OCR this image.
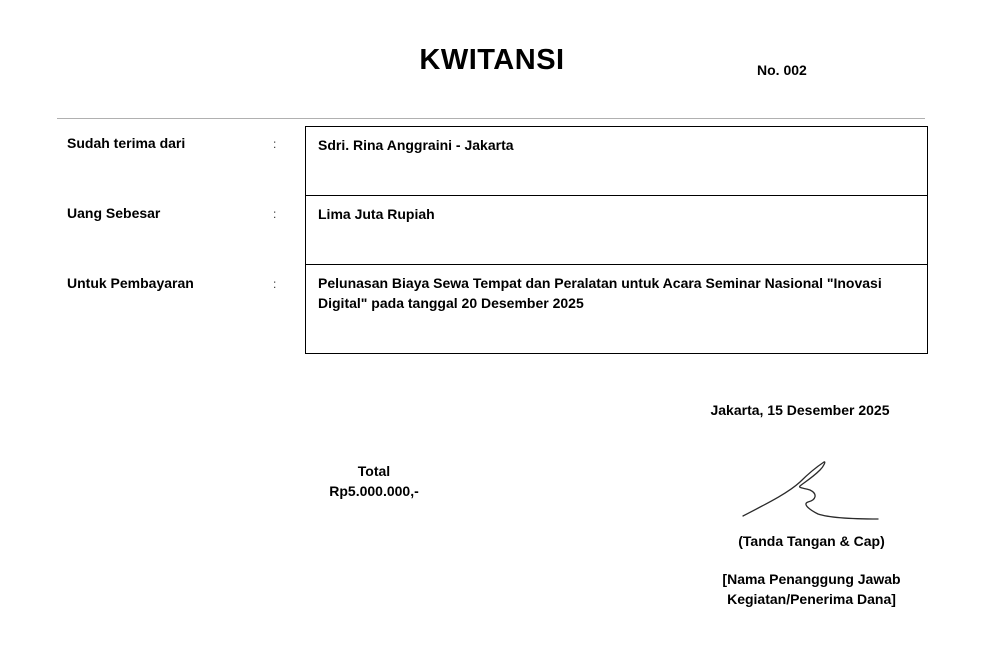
KWITANSI	No. 002
Sudah terima dari	:	Sdri. Rina Anggraini - Jakarta
Uang Sebesar	:	Lima Juta Rupiah
Untuk Pembayaran	:	Pelunasan Biaya Sewa Tempat dan Peralatan untuk Acara Seminar Nasional "Inovasi Digital" pada tanggal 20 Desember 2025
Total
Rp5.000.000,-
Jakarta, 15 Desember 2025
(Tanda Tangan & Cap)
[Nama Penanggung Jawab Kegiatan/Penerima Dana]
